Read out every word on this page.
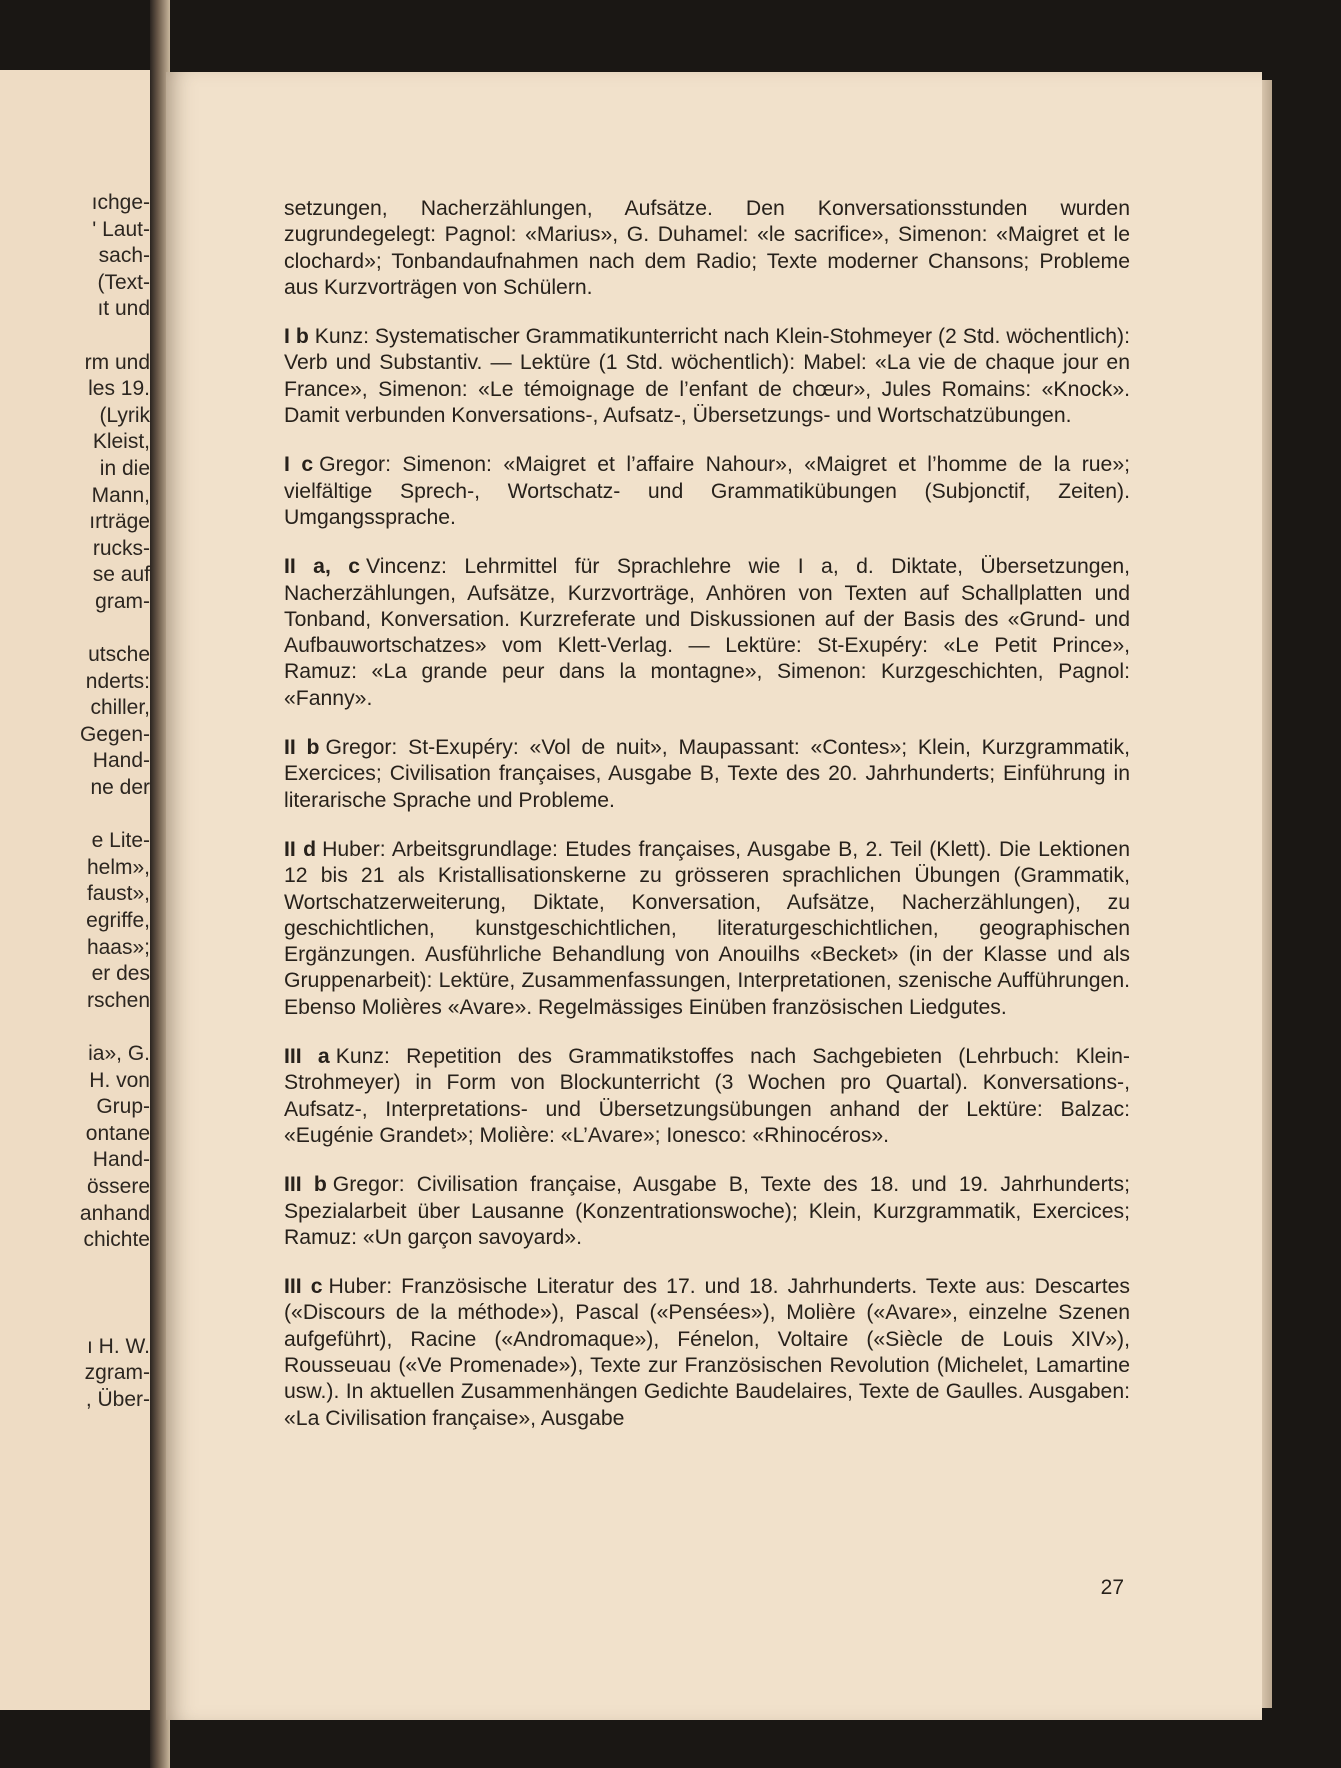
ıchge-
' Laut-
sach-
(Text-
ıt und
rm und
les 19.
(Lyrik
Kleist,
in die
Mann,
ırträge
rucks-
se auf
gram-
utsche
nderts:
chiller,
Gegen-
Hand-
ne der
e Lite-
helm»,
faust»,
egriffe,
haas»;
er des
rschen
ia», G.
H. von
Grup-
ontane
Hand-
össere
anhand
chichte
ı H. W.
zgram-
, Über-

setzungen, Nacherzählungen, Aufsätze. Den Konversationsstunden wurden zugrundegelegt: Pagnol: «Marius», G. Duhamel: «le sacrifice», Simenon: «Maigret et le clochard»; Tonbandaufnahmen nach dem Radio; Texte moderner Chansons; Probleme aus Kurzvorträgen von Schülern.

I b Kunz: Systematischer Grammatikunterricht nach Klein-Stohmeyer (2 Std. wöchentlich): Verb und Substantiv. — Lektüre (1 Std. wöchentlich): Mabel: «La vie de chaque jour en France», Simenon: «Le témoignage de l’enfant de chœur», Jules Romains: «Knock». Damit verbunden Konversations-, Aufsatz-, Übersetzungs- und Wortschatzübungen.

I c Gregor: Simenon: «Maigret et l’affaire Nahour», «Maigret et l’homme de la rue»; vielfältige Sprech-, Wortschatz- und Grammatikübungen (Subjonctif, Zeiten). Umgangssprache.

II a, c Vincenz: Lehrmittel für Sprachlehre wie I a, d. Diktate, Übersetzungen, Nacherzählungen, Aufsätze, Kurzvorträge, Anhören von Texten auf Schallplatten und Tonband, Konversation. Kurzreferate und Diskussionen auf der Basis des «Grund- und Aufbauwortschatzes» vom Klett-Verlag. — Lektüre: St-Exupéry: «Le Petit Prince», Ramuz: «La grande peur dans la montagne», Simenon: Kurzgeschichten, Pagnol: «Fanny».

II b Gregor: St-Exupéry: «Vol de nuit», Maupassant: «Contes»; Klein, Kurzgrammatik, Exercices; Civilisation françaises, Ausgabe B, Texte des 20. Jahrhunderts; Einführung in literarische Sprache und Probleme.

II d Huber: Arbeitsgrundlage: Etudes françaises, Ausgabe B, 2. Teil (Klett). Die Lektionen 12 bis 21 als Kristallisationskerne zu grösseren sprachlichen Übungen (Grammatik, Wortschatzerweiterung, Diktate, Konversation, Aufsätze, Nacherzählungen), zu geschichtlichen, kunstgeschichtlichen, literaturgeschichtlichen, geographischen Ergänzungen. Ausführliche Behandlung von Anouilhs «Becket» (in der Klasse und als Gruppenarbeit): Lektüre, Zusammenfassungen, Interpretationen, szenische Aufführungen. Ebenso Molières «Avare». Regelmässiges Einüben französischen Liedgutes.

III a Kunz: Repetition des Grammatikstoffes nach Sachgebieten (Lehrbuch: Klein-Strohmeyer) in Form von Blockunterricht (3 Wochen pro Quartal). Konversations-, Aufsatz-, Interpretations- und Übersetzungsübungen anhand der Lektüre: Balzac: «Eugénie Grandet»; Molière: «L’Avare»; Ionesco: «Rhinocéros».

III b Gregor: Civilisation française, Ausgabe B, Texte des 18. und 19. Jahrhunderts; Spezialarbeit über Lausanne (Konzentrationswoche); Klein, Kurzgrammatik, Exercices; Ramuz: «Un garçon savoyard».

III c Huber: Französische Literatur des 17. und 18. Jahrhunderts. Texte aus: Descartes («Discours de la méthode»), Pascal («Pensées»), Molière («Avare», einzelne Szenen aufgeführt), Racine («Andromaque»), Fénelon, Voltaire («Siècle de Louis XIV»), Rousseuau («Ve Promenade»), Texte zur Französischen Revolution (Michelet, Lamartine usw.). In aktuellen Zusammenhängen Gedichte Baudelaires, Texte de Gaulles. Ausgaben: «La Civilisation française», Ausgabe

27
